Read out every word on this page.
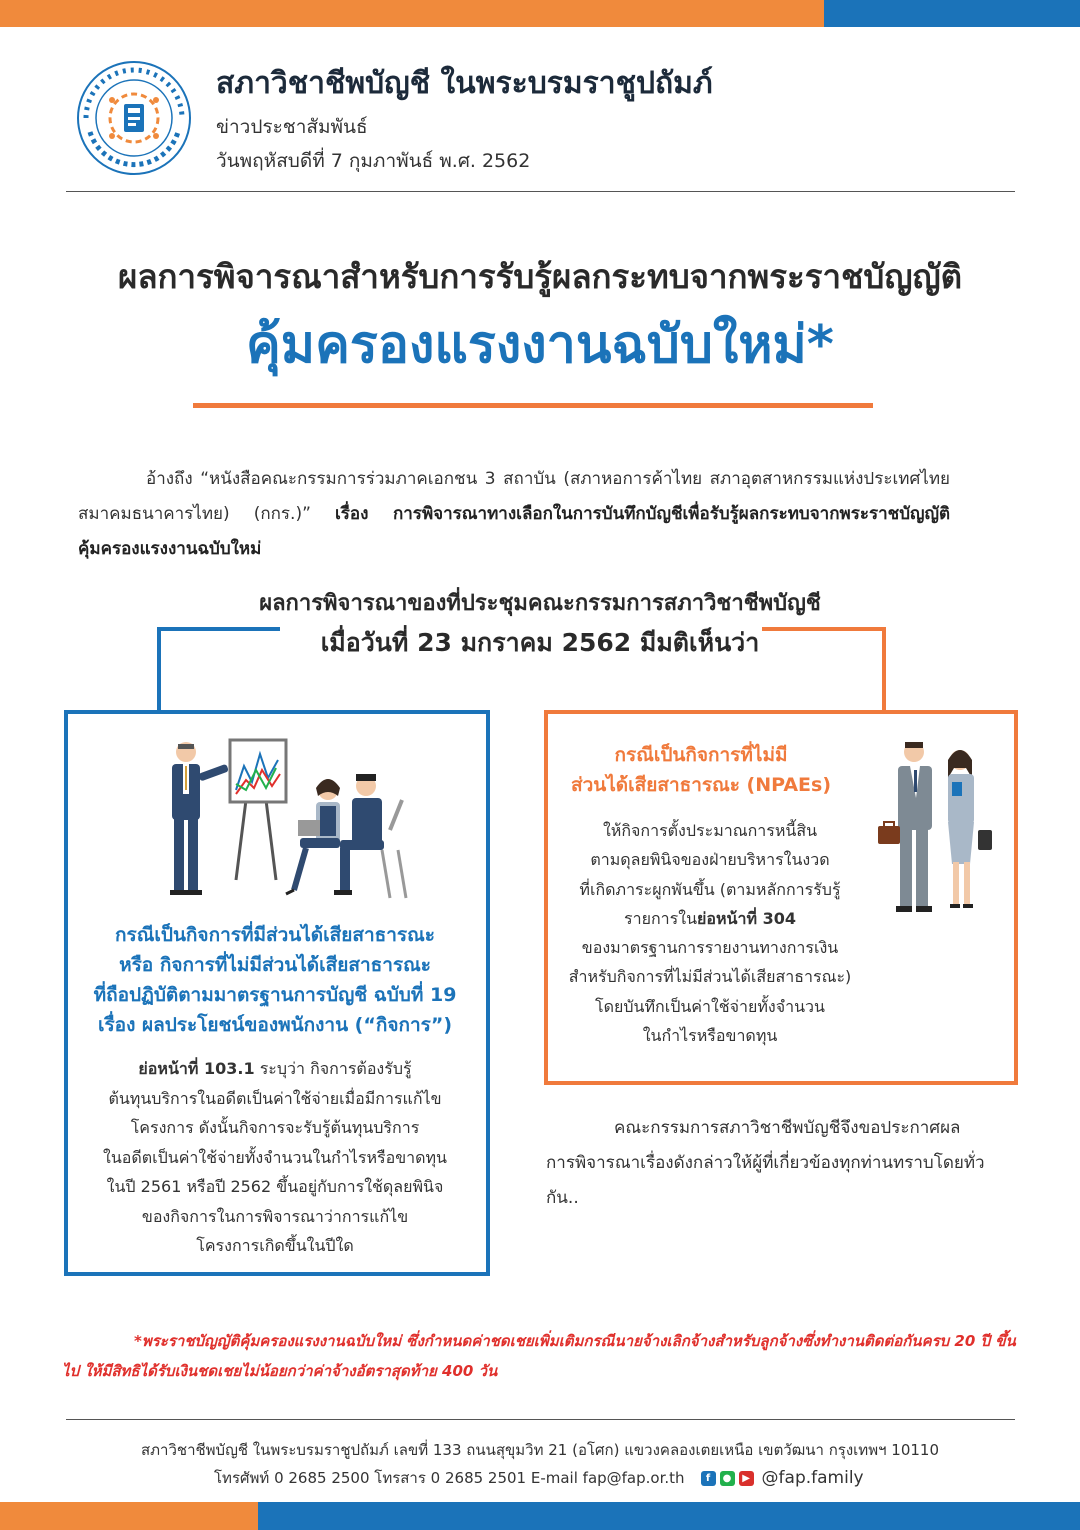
สภาวิชาชีพบัญชี ในพระบรมราชูปถัมภ์
ข่าวประชาสัมพันธ์
วันพฤหัสบดีที่ 7 กุมภาพันธ์ พ.ศ. 2562
ผลการพิจารณาสำหรับการรับรู้ผลกระทบจากพระราชบัญญัติ
คุ้มครองแรงงานฉบับใหม่*
อ้างถึง “หนังสือคณะกรรมการร่วมภาคเอกชน 3 สถาบัน (สภาหอการค้าไทย สภาอุตสาหกรรมแห่งประเทศไทย สมาคมธนาคารไทย) (กกร.)” เรื่อง การพิจารณาทางเลือกในการบันทึกบัญชีเพื่อรับรู้ผลกระทบจากพระราชบัญญัติคุ้มครองแรงงานฉบับใหม่
ผลการพิจารณาของที่ประชุมคณะกรรมการสภาวิชาชีพบัญชี
เมื่อวันที่ 23 มกราคม 2562 มีมติเห็นว่า
กรณีเป็นกิจการที่มีส่วนได้เสียสาธารณะ
หรือ กิจการที่ไม่มีส่วนได้เสียสาธารณะ
ที่ถือปฏิบัติตามมาตรฐานการบัญชี ฉบับที่ 19
เรื่อง ผลประโยชน์ของพนักงาน (“กิจการ”)
ย่อหน้าที่ 103.1 ระบุว่า กิจการต้องรับรู้
ต้นทุนบริการในอดีตเป็นค่าใช้จ่ายเมื่อมีการแก้ไข
โครงการ ดังนั้นกิจการจะรับรู้ต้นทุนบริการ
ในอดีตเป็นค่าใช้จ่ายทั้งจำนวนในกำไรหรือขาดทุน
ในปี 2561 หรือปี 2562 ขึ้นอยู่กับการใช้ดุลยพินิจ
ของกิจการในการพิจารณาว่าการแก้ไข
โครงการเกิดขึ้นในปีใด
กรณีเป็นกิจการที่ไม่มี
ส่วนได้เสียสาธารณะ (NPAEs)
ให้กิจการตั้งประมาณการหนี้สิน
ตามดุลยพินิจของฝ่ายบริหารในงวด
ที่เกิดภาระผูกพันขึ้น (ตามหลักการรับรู้
รายการในย่อหน้าที่ 304
ของมาตรฐานการรายงานทางการเงิน
สำหรับกิจการที่ไม่มีส่วนได้เสียสาธารณะ)
โดยบันทึกเป็นค่าใช้จ่ายทั้งจำนวน
ในกำไรหรือขาดทุน
คณะกรรมการสภาวิชาชีพบัญชีจึงขอประกาศผลการพิจารณาเรื่องดังกล่าวให้ผู้ที่เกี่ยวข้องทุกท่านทราบโดยทั่วกัน..
*พระราชบัญญัติคุ้มครองแรงงานฉบับใหม่ ซึ่งกำหนดค่าชดเชยเพิ่มเติมกรณีนายจ้างเลิกจ้างสำหรับลูกจ้างซึ่งทำงานติดต่อกันครบ 20 ปี ขึ้นไป ให้มีสิทธิได้รับเงินชดเชยไม่น้อยกว่าค่าจ้างอัตราสุดท้าย 400 วัน
สภาวิชาชีพบัญชี ในพระบรมราชูปถัมภ์ เลขที่ 133 ถนนสุขุมวิท 21 (อโศก) แขวงคลองเตยเหนือ เขตวัฒนา กรุงเทพฯ 10110
โทรศัพท์ 0 2685 2500 โทรสาร 0 2685 2501 E-mail fap@fap.or.th	f	●	▶ @fap.family
